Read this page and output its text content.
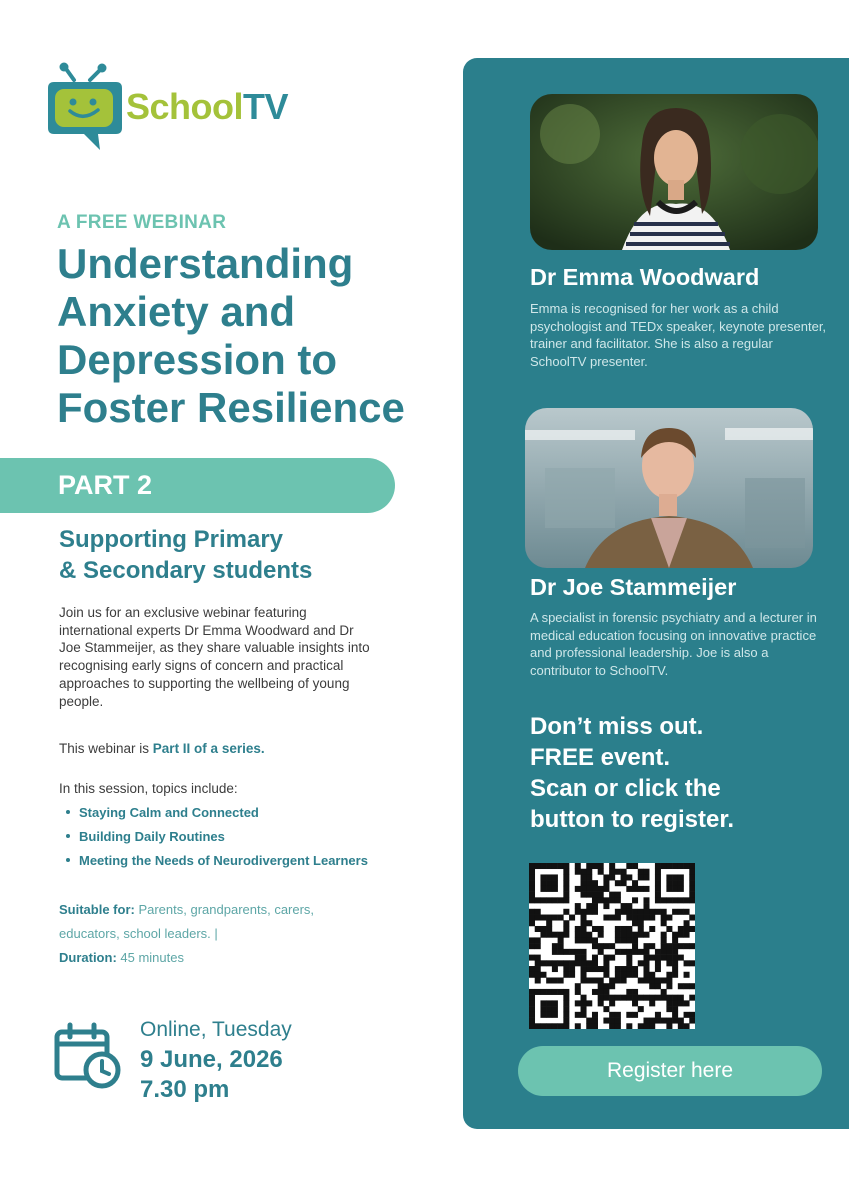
SchoolTV
A FREE WEBINAR
Understanding
Anxiety and
Depression to
Foster Resilience
PART 2
Supporting Primary
& Secondary students
Join us for an exclusive webinar featuring international experts Dr Emma Woodward and Dr Joe Stammeijer, as they share valuable insights into recognising early signs of concern and practical approaches to supporting the wellbeing of young people.
This webinar is Part II of a series.
In this session, topics include:
Staying Calm and Connected
Building Daily Routines
Meeting the Needs of Neurodivergent Learners
Suitable for: Parents, grandparents, carers,
educators, school leaders. |
Duration: 45 minutes
Online, Tuesday
9 June, 2026
7.30 pm
Dr Emma Woodward
Emma is recognised for her work as a child psychologist and TEDx speaker, keynote presenter, trainer and facilitator. She is also a regular SchoolTV presenter.
Dr Joe Stammeijer
A specialist in forensic psychiatry and a lecturer in medical education focusing on innovative practice and professional leadership. Joe is also a contributor to SchoolTV.
Don’t miss out.
FREE event.
Scan or click the
button to register.
Register here
